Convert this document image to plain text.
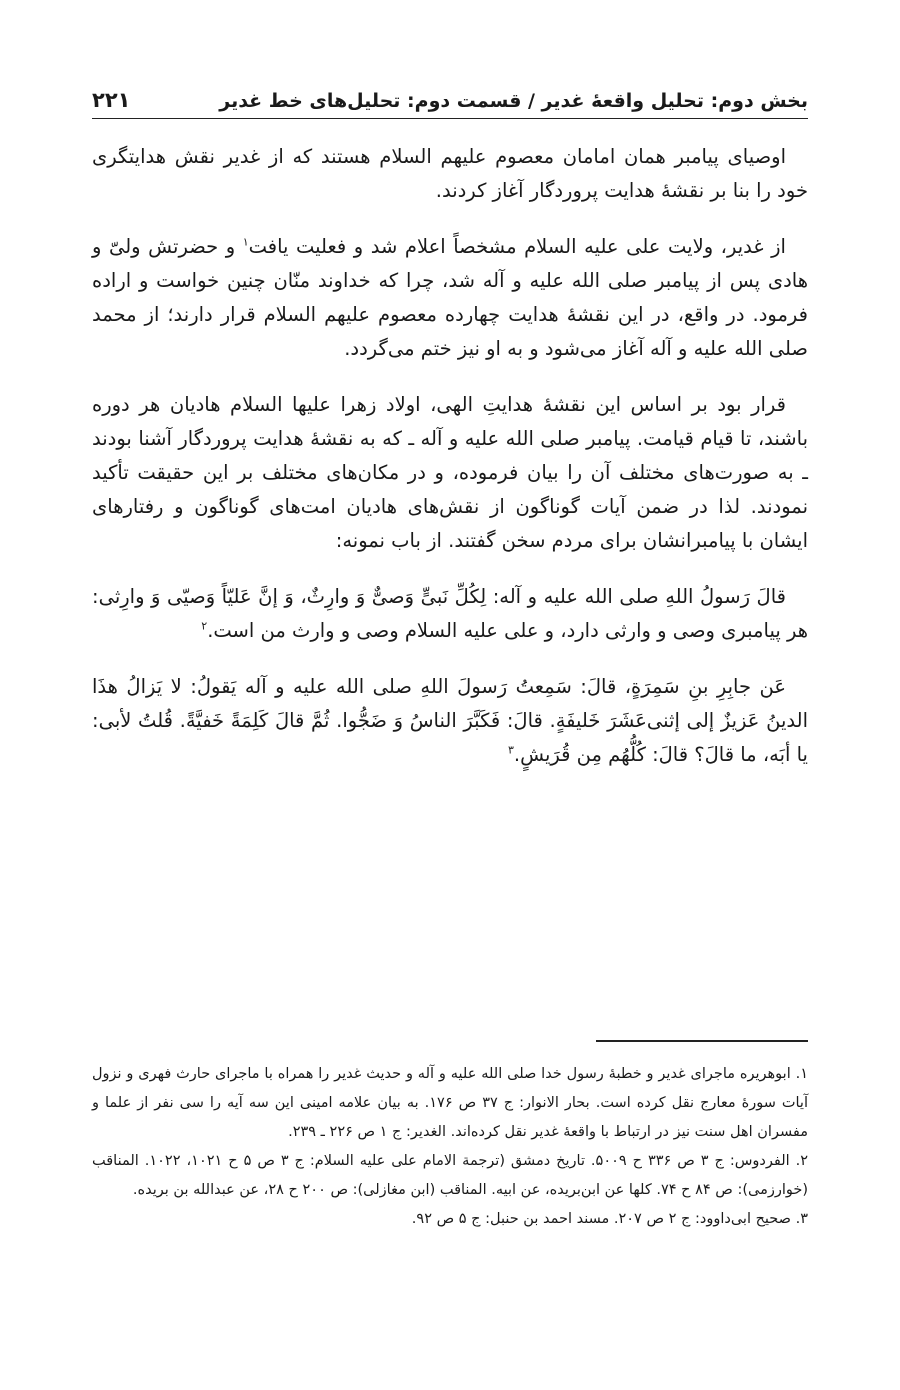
بخش دوم: تحلیل واقعهٔ غدیر / قسمت دوم: تحلیل‌های خط غدیر
۲۲۱

اوصیای پیامبر همان امامان معصوم علیهم السلام هستند که از غدیر نقش هدایتگری خود را بنا بر نقشهٔ هدایت پروردگار آغاز کردند.

از غدیر، ولایت علی علیه السلام مشخصاً اعلام شد و فعلیت یافت$^۱$ و حضرتش ولیّ و هادی پس از پیامبر صلی الله علیه و آله شد، چرا که خداوند منّان چنین خواست و اراده فرمود. در واقع، در این نقشهٔ هدایت چهارده معصوم علیهم السلام قرار دارند؛ از محمد صلی الله علیه و آله آغاز می‌شود و به او نیز ختم می‌گردد.

قرار بود بر اساس این نقشهٔ هدایتِ الهی، اولاد زهرا علیها السلام هادیان هر دوره باشند، تا قیام قیامت. پیامبر صلی الله علیه و آله ـ که به نقشهٔ هدایت پروردگار آشنا بودند ـ به صورت‌های مختلف آن را بیان فرموده، و در مکان‌های مختلف بر این حقیقت تأکید نمودند. لذا در ضمن آیات گوناگون از نقش‌های هادیان امت‌های گوناگون و رفتارهای ایشان با پیامبرانشان برای مردم سخن گفتند. از باب نمونه:

قالَ رَسولُ اللهِ صلی الله علیه و آله: لِکُلِّ نَبیٍّ وَصیٌّ وَ وارِثٌ، وَ إنَّ عَلیّاً وَصیّی وَ وارِثی: هر پیامبری وصی و وارثی دارد، و علی علیه السلام وصی و وارث من است.$^۲$

عَن جابِرِ بنِ سَمِرَةٍ، قالَ: سَمِعتُ رَسولَ اللهِ صلی الله علیه و آله یَقولُ: لا یَزالُ هذَا الدینُ عَزیزٌ إلی إثنی‌عَشَرَ خَلیفَةٍ. قالَ: فَکَبَّرَ الناسُ وَ ضَجُّوا. ثُمَّ قالَ کَلِمَةً خَفیَّةً. قُلتُ لأبی: یا أبَه، ما قالَ؟ قالَ: کُلُّهُم مِن قُرَیشٍ.$^۳$

۱. ابوهریره ماجرای غدیر و خطبهٔ رسول خدا صلی الله علیه و آله و حدیث غدیر را همراه با ماجرای حارث فهری و نزول آیات سورهٔ معارج نقل کرده است. بحار الانوار: ج ۳۷ ص ۱۷۶. به بیان علامه امینی این سه آیه را سی نفر از علما و مفسران اهل سنت نیز در ارتباط با واقعهٔ غدیر نقل کرده‌اند. الغدیر: ج ۱ ص ۲۲۶ ـ ۲۳۹.

۲. الفردوس: ج ۳ ص ۳۳۶ ح ۵۰۰۹. تاریخ دمشق (ترجمة الامام علی علیه السلام: ج ۳ ص ۵ ح ۱۰۲۱، ۱۰۲۲. المناقب (خوارزمی): ص ۸۴ ح ۷۴. کلها عن ابن‌بریده، عن ابیه. المناقب (ابن مغازلی): ص ۲۰۰ ح ۲۸، عن عبدالله بن بریده.

۳. صحیح ابی‌داوود: ج ۲ ص ۲۰۷. مسند احمد بن حنبل: ج ۵ ص ۹۲.
